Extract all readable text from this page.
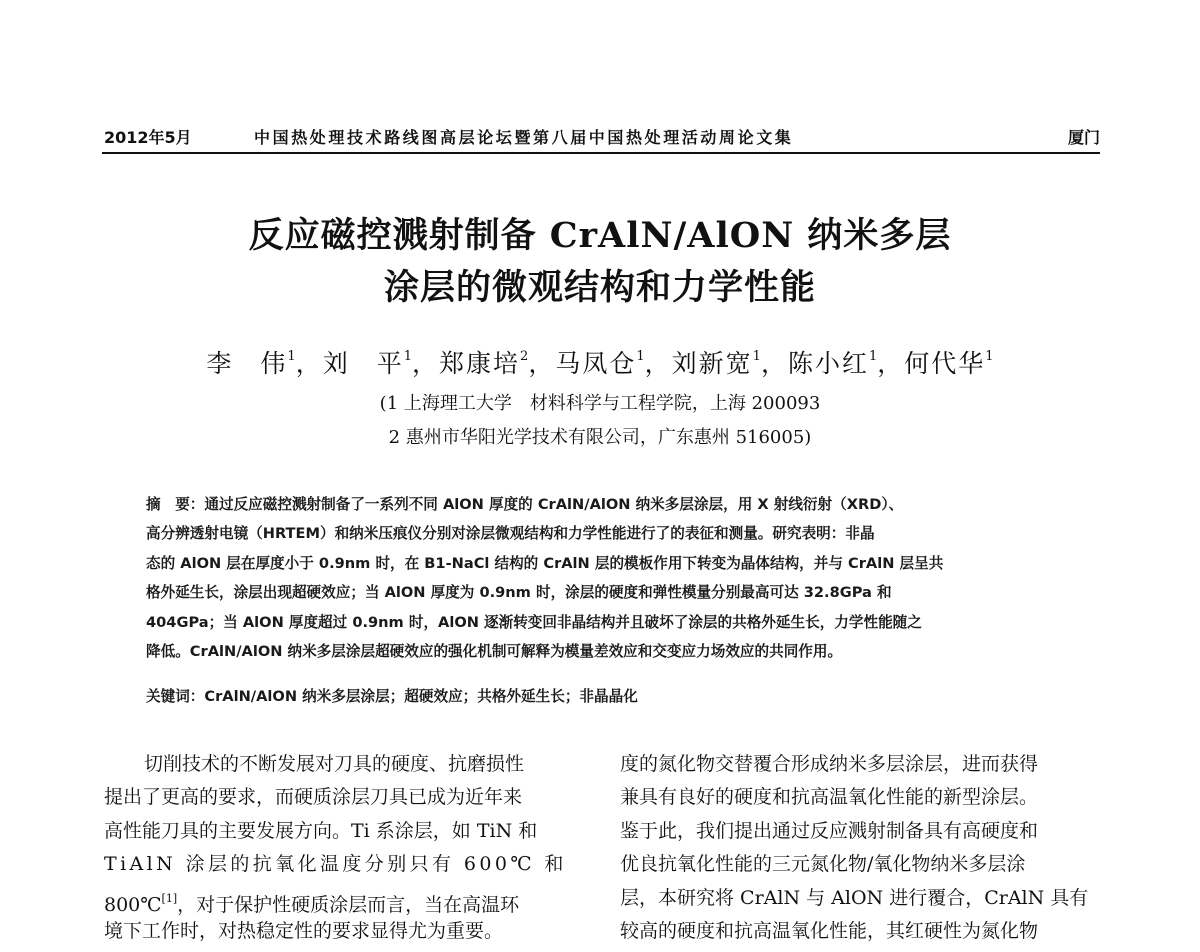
2012年5月	中国热处理技术路线图高层论坛暨第八届中国热处理活动周论文集	厦门
反应磁控溅射制备 CrAlN/AlON 纳米多层
涂层的微观结构和力学性能
李　伟$^1$，刘　平$^1$，郑康培$^2$，马凤仓$^1$，刘新宽$^1$，陈小红$^1$，何代华$^1$
(1 上海理工大学　材料科学与工程学院，上海 200093
2 惠州市华阳光学技术有限公司，广东惠州 516005)
摘　要：通过反应磁控溅射制备了一系列不同 AlON 厚度的 CrAlN/AlON 纳米多层涂层，用 X 射线衍射（XRD）、
高分辨透射电镜（HRTEM）和纳米压痕仪分别对涂层微观结构和力学性能进行了的表征和测量。研究表明：非晶
态的 AlON 层在厚度小于 0.9nm 时，在 B1-NaCl 结构的 CrAlN 层的模板作用下转变为晶体结构，并与 CrAlN 层呈共
格外延生长，涂层出现超硬效应；当 AlON 厚度为 0.9nm 时，涂层的硬度和弹性模量分别最高可达 32.8GPa 和
404GPa；当 AlON 厚度超过 0.9nm 时，AlON 逐渐转变回非晶结构并且破坏了涂层的共格外延生长，力学性能随之
降低。CrAlN/AlON 纳米多层涂层超硬效应的强化机制可解释为模量差效应和交变应力场效应的共同作用。
关键词：CrAlN/AlON 纳米多层涂层；超硬效应；共格外延生长；非晶晶化
切削技术的不断发展对刀具的硬度、抗磨损性
提出了更高的要求，而硬质涂层刀具已成为近年来
高性能刀具的主要发展方向。Ti 系涂层，如 TiN 和
TiAlN 涂层的抗氧化温度分别只有 600℃ 和
800℃[1]，对于保护性硬质涂层而言，当在高温环
境下工作时，对热稳定性的要求显得尤为重要。
度的氮化物交替覆合形成纳米多层涂层，进而获得
兼具有良好的硬度和抗高温氧化性能的新型涂层。
鉴于此，我们提出通过反应溅射制备具有高硬度和
优良抗氧化性能的三元氮化物/氧化物纳米多层涂
层，本研究将 CrAlN 与 AlON 进行覆合，CrAlN 具有
较高的硬度和抗高温氧化性能，其红硬性为氮化物
